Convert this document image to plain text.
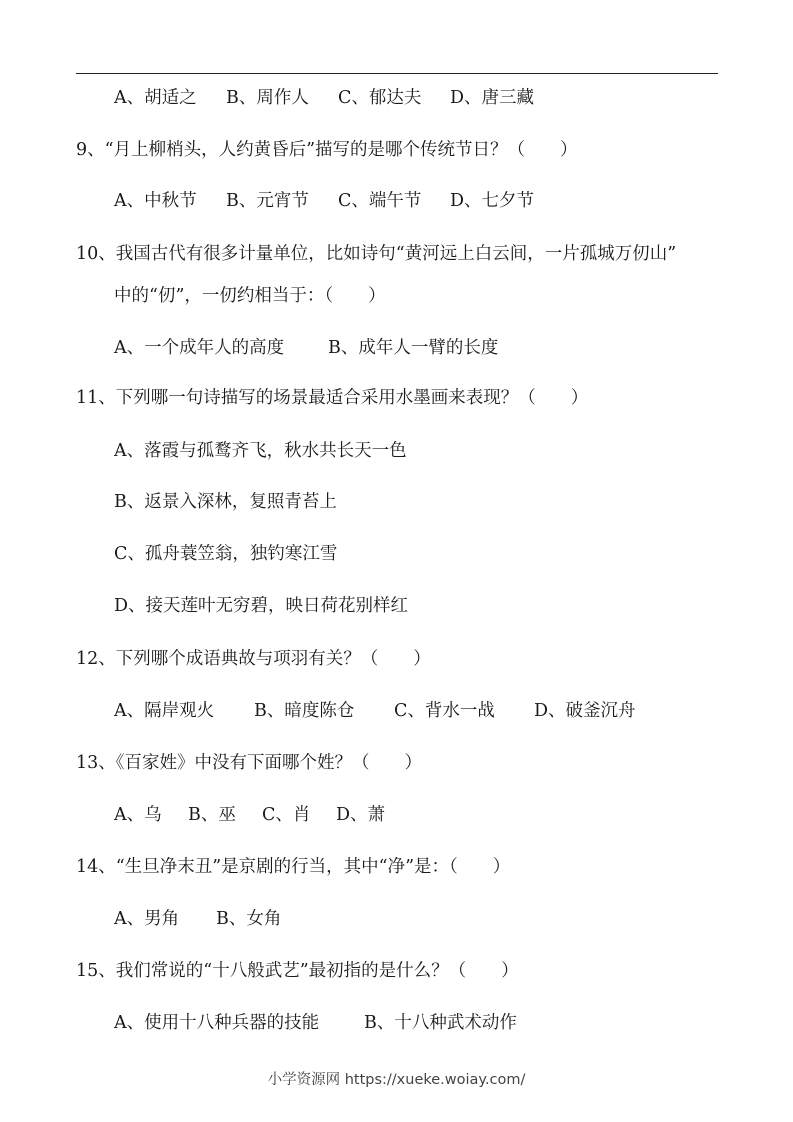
A、胡适之 B、周作人 C、郁达夫 D、唐三藏
9、“月上柳梢头，人约黄昏后”描写的是哪个传统节日？（　　）
A、中秋节 B、元宵节 C、端午节 D、七夕节
10、我国古代有很多计量单位，比如诗句“黄河远上白云间，一片孤城万仞山”
中的“仞”，一仞约相当于：（　　）
A、一个成年人的高度	B、成年人一臂的长度
11、下列哪一句诗描写的场景最适合采用水墨画来表现？（　　）
A、落霞与孤鹜齐飞，秋水共长天一色
B、返景入深林，复照青苔上
C、孤舟蓑笠翁，独钓寒江雪
D、接天莲叶无穷碧，映日荷花别样红
12、下列哪个成语典故与项羽有关？（　　）
A、隔岸观火 B、暗度陈仓 C、背水一战 D、破釜沉舟
13、《百家姓》中没有下面哪个姓？（　　）
A、乌 B、巫 C、肖 D、萧
14、“生旦净末丑”是京剧的行当，其中“净”是：（　　）
A、男角 B、女角
15、我们常说的“十八般武艺”最初指的是什么？（　　）
A、使用十八种兵器的技能	B、十八种武术动作
小学资源网 https://xueke.woiay.com/
